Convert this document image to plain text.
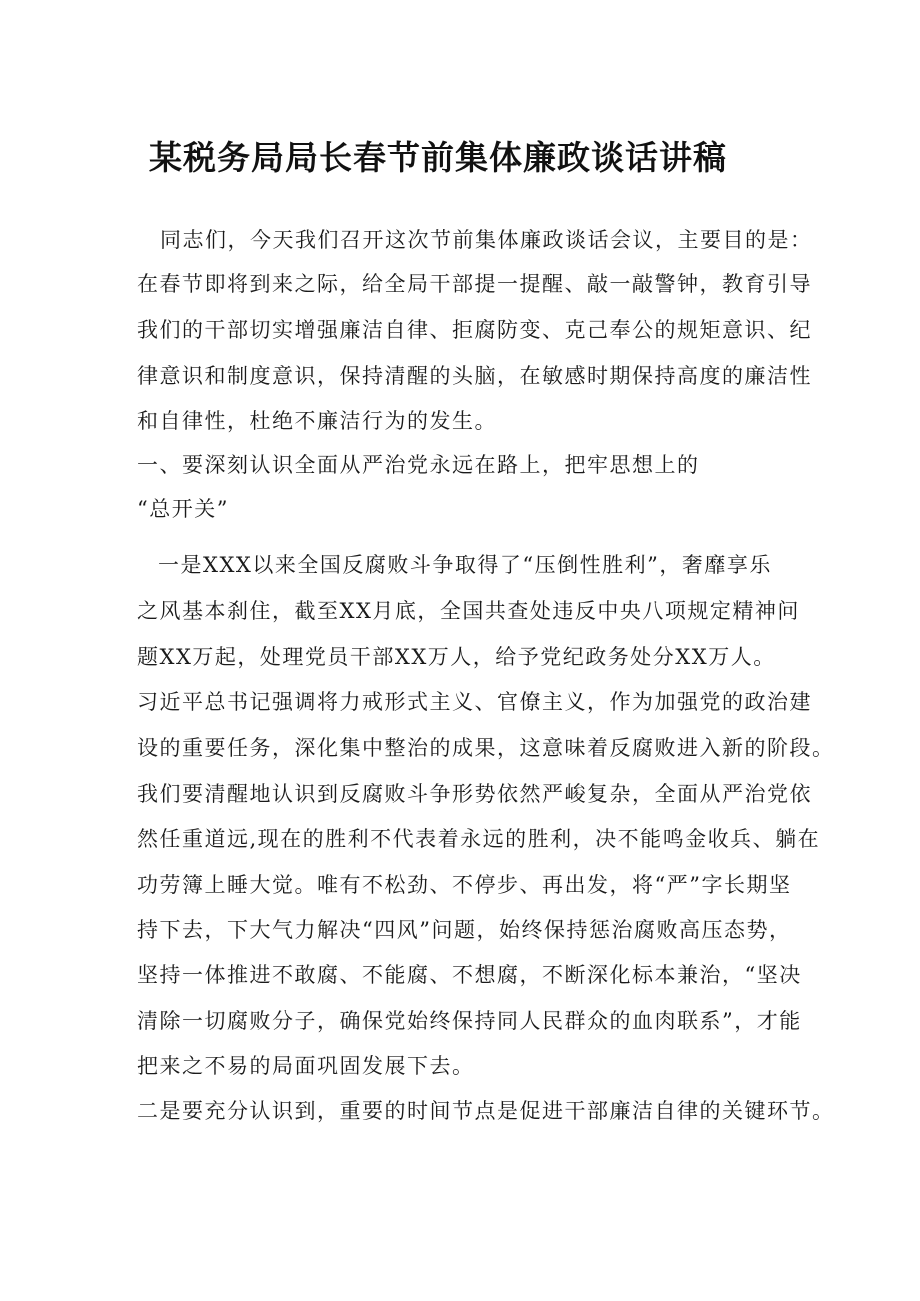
某税务局局长春节前集体廉政谈话讲稿

同志们，今天我们召开这次节前集体廉政谈话会议，主要目的是：

在春节即将到来之际，给全局干部提一提醒、敲一敲警钟，教育引导

我们的干部切实增强廉洁自律、拒腐防变、克己奉公的规矩意识、纪

律意识和制度意识，保持清醒的头脑，在敏感时期保持高度的廉洁性

和自律性，杜绝不廉洁行为的发生。

一、要深刻认识全面从严治党永远在路上，把牢思想上的

“总开关”

一是XXX以来全国反腐败斗争取得了“压倒性胜利”，奢靡享乐

之风基本刹住，截至XX月底，全国共查处违反中央八项规定精神问

题XX万起，处理党员干部XX万人，给予党纪政务处分XX万人。

习近平总书记强调将力戒形式主义、官僚主义，作为加强党的政治建

设的重要任务，深化集中整治的成果，这意味着反腐败进入新的阶段。

我们要清醒地认识到反腐败斗争形势依然严峻复杂，全面从严治党依

然任重道远,现在的胜利不代表着永远的胜利，决不能鸣金收兵、躺在

功劳簿上睡大觉。唯有不松劲、不停步、再出发，将“严”字长期坚

持下去，下大气力解决“四风”问题，始终保持惩治腐败高压态势，

坚持一体推进不敢腐、不能腐、不想腐，不断深化标本兼治，“坚决

清除一切腐败分子，确保党始终保持同人民群众的血肉联系”，才能

把来之不易的局面巩固发展下去。

二是要充分认识到，重要的时间节点是促进干部廉洁自律的关键环节。
